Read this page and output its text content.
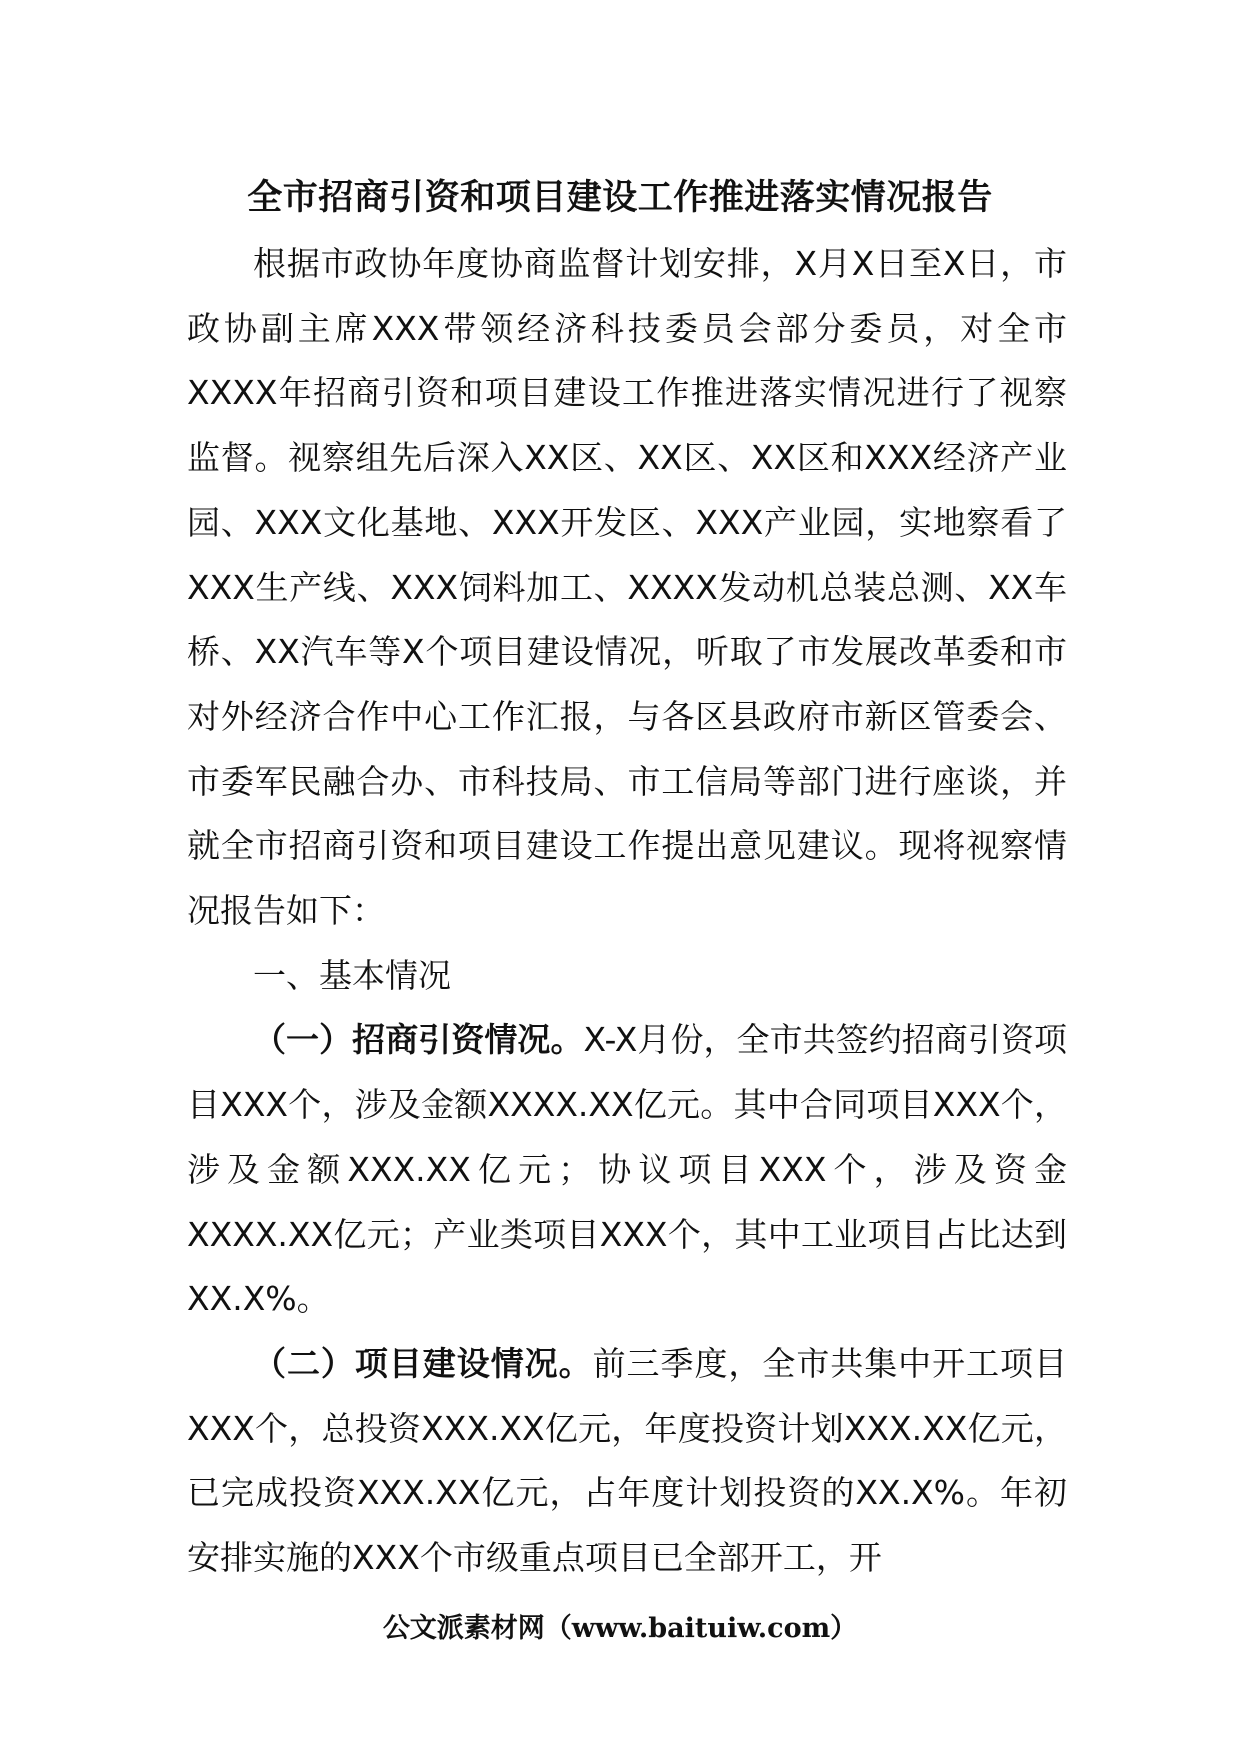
全市招商引资和项目建设工作推进落实情况报告

根据市政协年度协商监督计划安排，X月X日至X日，市政协副主席XXX带领经济科技委员会部分委员，对全市XXXX年招商引资和项目建设工作推进落实情况进行了视察监督。视察组先后深入XX区、XX区、XX区和XXX经济产业园、XXX文化基地、XXX开发区、XXX产业园，实地察看了XXX生产线、XXX饲料加工、XXXX发动机总装总测、XX车桥、XX汽车等X个项目建设情况，听取了市发展改革委和市对外经济合作中心工作汇报，与各区县政府市新区管委会、市委军民融合办、市科技局、市工信局等部门进行座谈，并就全市招商引资和项目建设工作提出意见建议。现将视察情况报告如下：

一、基本情况

（一）招商引资情况。X-X月份，全市共签约招商引资项目XXX个，涉及金额XXXX.XX亿元。其中合同项目XXX个，涉及金额XXX.XX亿元；协议项目XXX个，涉及资金XXXX.XX亿元；产业类项目XXX个，其中工业项目占比达到XX.X%。

（二）项目建设情况。前三季度，全市共集中开工项目XXX个，总投资XXX.XX亿元，年度投资计划XXX.XX亿元，已完成投资XXX.XX亿元，占年度计划投资的XX.X%。年初安排实施的XXX个市级重点项目已全部开工，开

公文派素材网（www.baituiw.com）
